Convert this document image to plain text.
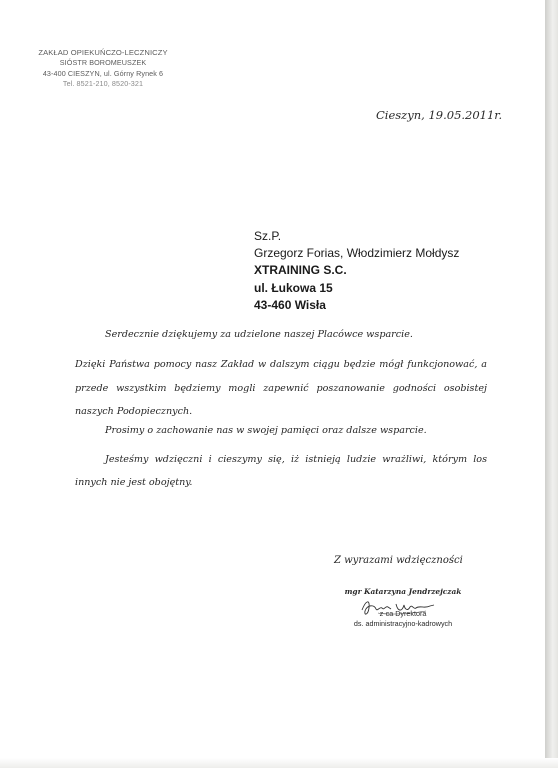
ZAKŁAD OPIEKUŃCZO-LECZNICZY
SIÓSTR BOROMEUSZEK
43-400 CIESZYN, ul. Górny Rynek 6
Tel. 8521-210, 8520-321
Cieszyn, 19.05.2011r.
Sz.P.
Grzegorz Forias, Włodzimierz Mołdysz
XTRAINING S.C.
ul. Łukowa 15
43-460 Wisła

Serdecznie dziękujemy za udzielone naszej Placówce wsparcie.

Dzięki Państwa pomocy nasz Zakład w dalszym ciągu będzie mógł funkcjonować, a przede wszystkim będziemy mogli zapewnić poszanowanie godności osobistej naszych Podopiecznych.

Prosimy o zachowanie nas w swojej pamięci oraz dalsze wsparcie.

Jesteśmy wdzięczni i cieszymy się, iż istnieją ludzie wrażliwi, którym los innych nie jest obojętny.

Z wyrazami wdzięczności
mgr Katarzyna Jendrzejczak
z-ca Dyrektora
ds. administracyjno-kadrowych
